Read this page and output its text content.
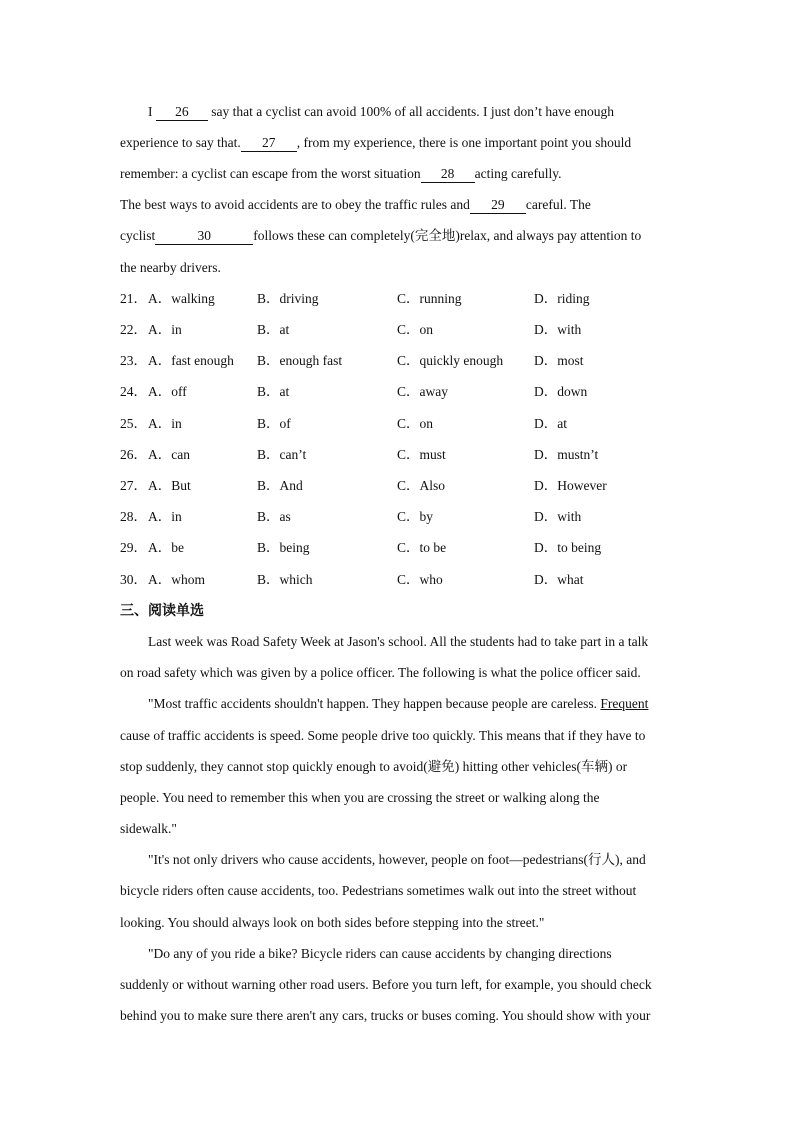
I 26 say that a cyclist can avoid 100% of all accidents. I just don’t have enough
experience to say that. 27 , from my experience, there is one important point you should
remember: a cyclist can escape from the worst situation 28 acting carefully.
The best ways to avoid accidents are to obey the traffic rules and 29 careful. The
cyclist	30	follows these can completely(完全地)relax, and always pay attention to
the nearby drivers.
21． A．walking	B．driving	C．running	D．riding
22． A．in	B．at	C．on	D．with
23． A．fast enough B．enough fast	C．quickly enough D．most
24． A．off	B．at	C．away	D．down
25． A．in	B．of	C．on	D．at
26． A．can	B．can’t	C．must	D．mustn’t
27． A．But	B．And	C．Also	D．However
28． A．in	B．as	C．by	D．with
29． A．be	B．being	C．to be	D．to being
30． A．whom	B．which	C．who	D．what
三、阅读单选
Last week was Road Safety Week at Jason's school. All the students had to take part in a talk
on road safety which was given by a police officer. The following is what the police officer said.
"Most traffic accidents shouldn't happen. They happen because people are careless. Frequent
cause of traffic accidents is speed. Some people drive too quickly. This means that if they have to
stop suddenly, they cannot stop quickly enough to avoid(避免) hitting other vehicles(车辆) or
people. You need to remember this when you are crossing the street or walking along the
sidewalk."
"It's not only drivers who cause accidents, however, people on foot—pedestrians(行人), and
bicycle riders often cause accidents, too. Pedestrians sometimes walk out into the street without
looking. You should always look on both sides before stepping into the street."
"Do any of you ride a bike? Bicycle riders can cause accidents by changing directions
suddenly or without warning other road users. Before you turn left, for example, you should check
behind you to make sure there aren't any cars, trucks or buses coming. You should show with your
